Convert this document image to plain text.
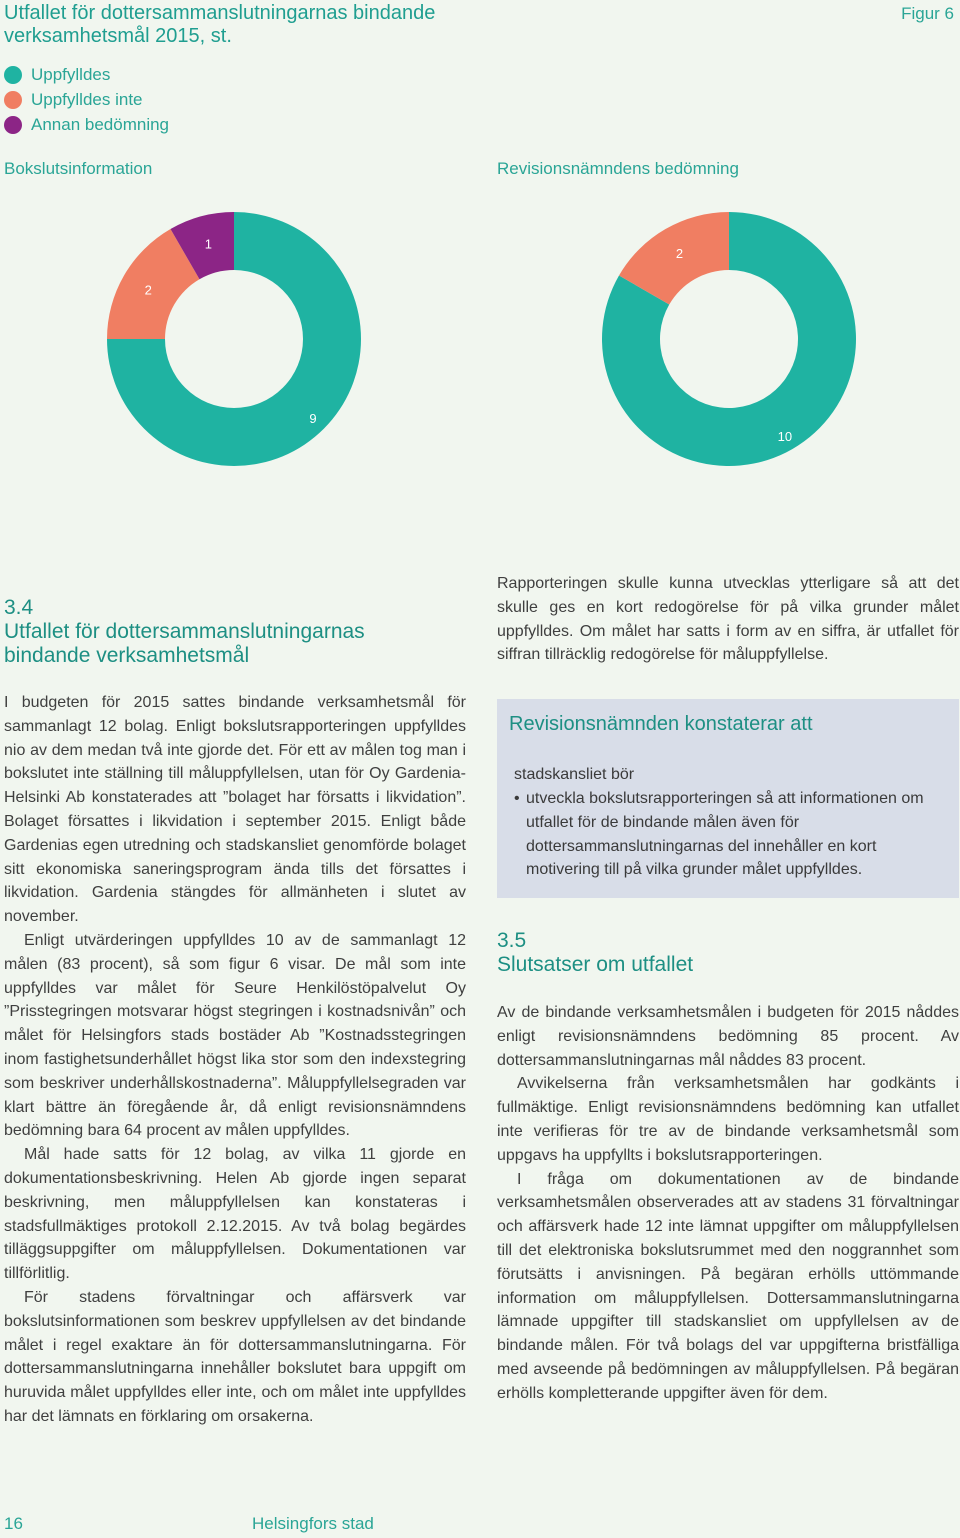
Utfallet för dottersammanslutningarnas bindande verksamhetsmål 2015, st.
Figur 6
Uppfylldes
Uppfylldes inte
Annan bedömning
Bokslutsinformation	Revisionsnämndens bedömning
9
2
1
10
2
3.4
Utfallet för dottersammanslutningarnas
bindande verksamhetsmål

I budgeten för 2015 sattes bindande verksamhetsmål för sammanlagt 12 bolag. Enligt bokslutsrapporteringen uppfylldes nio av dem medan två inte gjorde det. För ett av målen tog man i bokslutet inte ställning till måluppfyllelsen, utan för Oy Gardenia-Helsinki Ab konstaterades att ”bolaget har försatts i likvidation”. Bolaget försattes i likvidation i september 2015. Enligt både Gardenias egen utredning och stadskansliet genomförde bolaget sitt ekonomiska saneringsprogram ända tills det försattes i likvidation. Gardenia stängdes för allmänheten i slutet av november.

Enligt utvärderingen uppfylldes 10 av de sammanlagt 12 målen (83 procent), så som figur 6 visar. De mål som inte uppfylldes var målet för Seure Henkilöstöpalvelut Oy ”Prisstegringen motsvarar högst stegringen i kostnadsnivån” och målet för Helsingfors stads bostäder Ab ”Kostnadsstegringen inom fastighetsunderhållet högst lika stor som den indexstegring som beskriver underhållskostnaderna”. Måluppfyllelsegraden var klart bättre än föregående år, då enligt revisionsnämndens bedömning bara 64 procent av målen uppfylldes.

Mål hade satts för 12 bolag, av vilka 11 gjorde en dokumentationsbeskrivning. Helen Ab gjorde ingen separat beskrivning, men måluppfyllelsen kan konstateras i stadsfullmäktiges protokoll 2.12.2015. Av två bolag begärdes tilläggsuppgifter om måluppfyllelsen. Dokumentationen var tillförlitlig.

För stadens förvaltningar och affärsverk var bokslutsinformationen som beskrev uppfyllelsen av det bindande målet i regel exaktare än för dottersammanslutningarna. För dottersammanslutningarna innehåller bokslutet bara uppgift om huruvida målet uppfylldes eller inte, och om målet inte uppfylldes har det lämnats en förklaring om orsakerna.

Rapporteringen skulle kunna utvecklas ytterligare så att det skulle ges en kort redogörelse för på vilka grunder målet uppfylldes. Om målet har satts i form av en siffra, är utfallet för siffran tillräcklig redogörelse för måluppfyllelse.

Revisionsnämnden konstaterar att
stadskansliet bör
• utveckla bokslutsrapporteringen så att informationen om utfallet för de bindande målen även för dottersammanslutningarnas del innehåller en kort motivering till på vilka grunder målet uppfylldes.
3.5
Slutsatser om utfallet

Av de bindande verksamhetsmålen i budgeten för 2015 nåddes enligt revisionsnämndens bedömning 85 procent. Av dottersammanslutningarnas mål nåddes 83 procent.

Avvikelserna från verksamhetsmålen har godkänts i fullmäktige. Enligt revisionsnämndens bedömning kan utfallet inte verifieras för tre av de bindande verksamhetsmål som uppgavs ha uppfyllts i bokslutsrapporteringen.

I fråga om dokumentationen av de bindande verksamhetsmålen observerades att av stadens 31 förvaltningar och affärsverk hade 12 inte lämnat uppgifter om måluppfyllelsen till det elektroniska bokslutsrummet med den noggrannhet som förutsätts i anvisningen. På begäran erhölls uttömmande information om måluppfyllelsen. Dottersammanslutningarna lämnade uppgifter till stadskansliet om uppfyllelsen av de bindande målen. För två bolags del var uppgifterna bristfälliga med avseende på bedömningen av måluppfyllelsen. På begäran erhölls kompletterande uppgifter även för dem.

16	Helsingfors stad
